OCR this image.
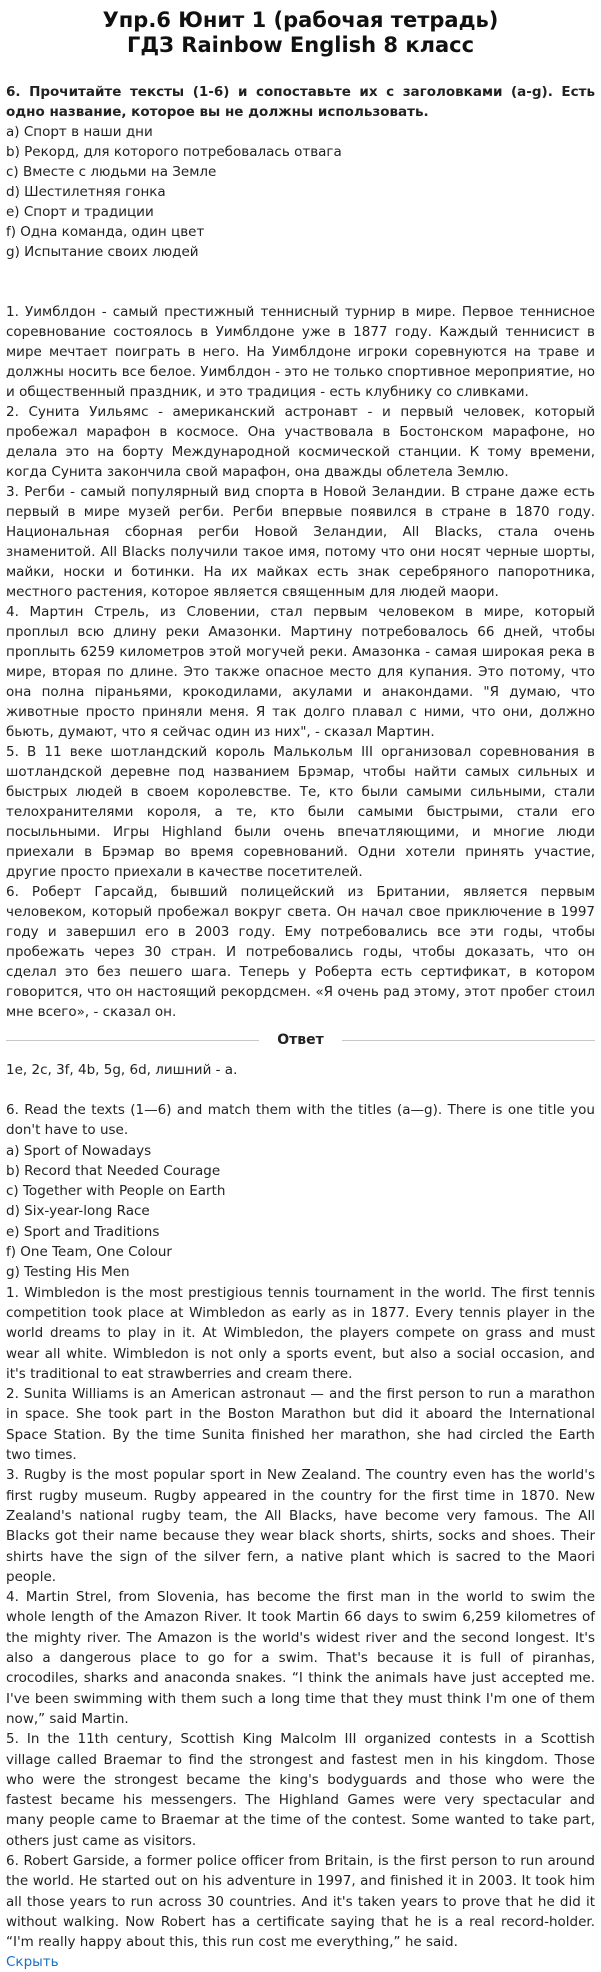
Упр.6 Юнит 1 (рабочая тетрадь)
ГДЗ Rainbow English 8 класс
6. Прочитайте тексты (1-6) и сопоставьте их с заголовками (a-g). Есть одно название, которое вы не должны использовать.
a) Спорт в наши дни
b) Рекорд, для которого потребовалась отвага
c) Вместе с людьми на Земле
d) Шестилетняя гонка
e) Спорт и традиции
f) Одна команда, один цвет
g) Испытание своих людей

1. Уимблдон - самый престижный теннисный турнир в мире. Первое теннисное соревнование состоялось в Уимблдоне уже в 1877 году. Каждый теннисист в мире мечтает поиграть в него. На Уимблдоне игроки соревнуются на траве и должны носить все белое. Уимблдон - это не только спортивное мероприятие, но и общественный праздник, и это традиция - есть клубнику со сливками.

2. Сунита Уильямс - американский астронавт - и первый человек, который пробежал марафон в космосе. Она участвовала в Бостонском марафоне, но делала это на борту Международной космической станции. К тому времени, когда Сунита закончила свой марафон, она дважды облетела Землю.

3. Регби - самый популярный вид спорта в Новой Зеландии. В стране даже есть первый в мире музей регби. Регби впервые появился в стране в 1870 году. Национальная сборная регби Новой Зеландии, All Blacks, стала очень знаменитой. All Blacks получили такое имя, потому что они носят черные шорты, майки, носки и ботинки. На их майках есть знак серебряного папоротника, местного растения, которое является священным для людей маори.

4. Мартин Стрель, из Словении, стал первым человеком в мире, который проплыл всю длину реки Амазонки. Мартину потребовалось 66 дней, чтобы проплыть 6259 километров этой могучей реки. Амазонка - самая широкая река в мире, вторая по длине. Это также опасное место для купания. Это потому, что она полна піраньями, крокодилами, акулами и анакондами. "Я думаю, что животные просто приняли меня. Я так долго плавал с ними, что они, должно бьють, думают, что я сейчас один из них", - сказал Мартин.

5. В 11 веке шотландский король Малькольм III организовал соревнования в шотландской деревне под названием Брэмар, чтобы найти самых сильных и быстрых людей в своем королевстве. Те, кто были самыми сильными, стали телохранителями короля, а те, кто были самыми быстрыми, стали его посыльными. Игры Highland были очень впечатляющими, и многие люди приехали в Брэмар во время соревнований. Одни хотели принять участие, другие просто приехали в качестве посетителей.

6. Роберт Гарсайд, бывший полицейский из Британии, является первым человеком, который пробежал вокруг света. Он начал свое приключение в 1997 году и завершил его в 2003 году. Ему потребовались все эти годы, чтобы пробежать через 30 стран. И потребовались годы, чтобы доказать, что он сделал это без пешего шага. Теперь у Роберта есть сертификат, в котором говорится, что он настоящий рекордсмен. «Я очень рад этому, этот пробег стоил мне всего», - сказал он.

Ответ
1e, 2c, 3f, 4b, 5g, 6d, лишний - a.

6. Read the texts (1—6) and match them with the titles (a—g). There is one title you don't have to use.

a) Sport of Nowadays
b) Record that Needed Courage
c) Together with People on Earth
d) Six-year-long Race
e) Sport and Traditions
f) One Team, One Colour
g) Testing His Men

1. Wimbledon is the most prestigious tennis tournament in the world. The first tennis competition took place at Wimbledon as early as in 1877. Every tennis player in the world dreams to play in it. At Wimbledon, the players compete on grass and must wear all white. Wimbledon is not only a sports event, but also a social occasion, and it's traditional to eat strawberries and cream there.

2. Sunita Williams is an American astronaut — and the first person to run a marathon in space. She took part in the Boston Marathon but did it aboard the International Space Station. By the time Sunita finished her marathon, she had circled the Earth two times.

3. Rugby is the most popular sport in New Zealand. The country even has the world's first rugby museum. Rugby appeared in the country for the first time in 1870. New Zealand's national rugby team, the All Blacks, have become very famous. The All Blacks got their name because they wear black shorts, shirts, socks and shoes. Their shirts have the sign of the silver fern, a native plant which is sacred to the Maori people.

4. Martin Strel, from Slovenia, has become the first man in the world to swim the whole length of the Amazon River. It took Martin 66 days to swim 6,259 kilometres of the mighty river. The Amazon is the world's widest river and the second longest. It's also a dangerous place to go for a swim. That's because it is full of piranhas, crocodiles, sharks and anaconda snakes. “I think the animals have just accepted me. I've been swimming with them such a long time that they must think I'm one of them now,” said Martin.

5. In the 11th century, Scottish King Malcolm III organized contests in a Scottish village called Braemar to find the strongest and fastest men in his kingdom. Those who were the strongest became the king's bodyguards and those who were the fastest became his messengers. The Highland Games were very spectacular and many people came to Braemar at the time of the contest. Some wanted to take part, others just came as visitors.

6. Robert Garside, a former police officer from Britain, is the first person to run around the world. He started out on his adventure in 1997, and finished it in 2003. It took him all those years to run across 30 countries. And it's taken years to prove that he did it without walking. Now Robert has a certificate saying that he is a real record-holder. “I'm really happy about this, this run cost me everything,” he said.

Скрыть
